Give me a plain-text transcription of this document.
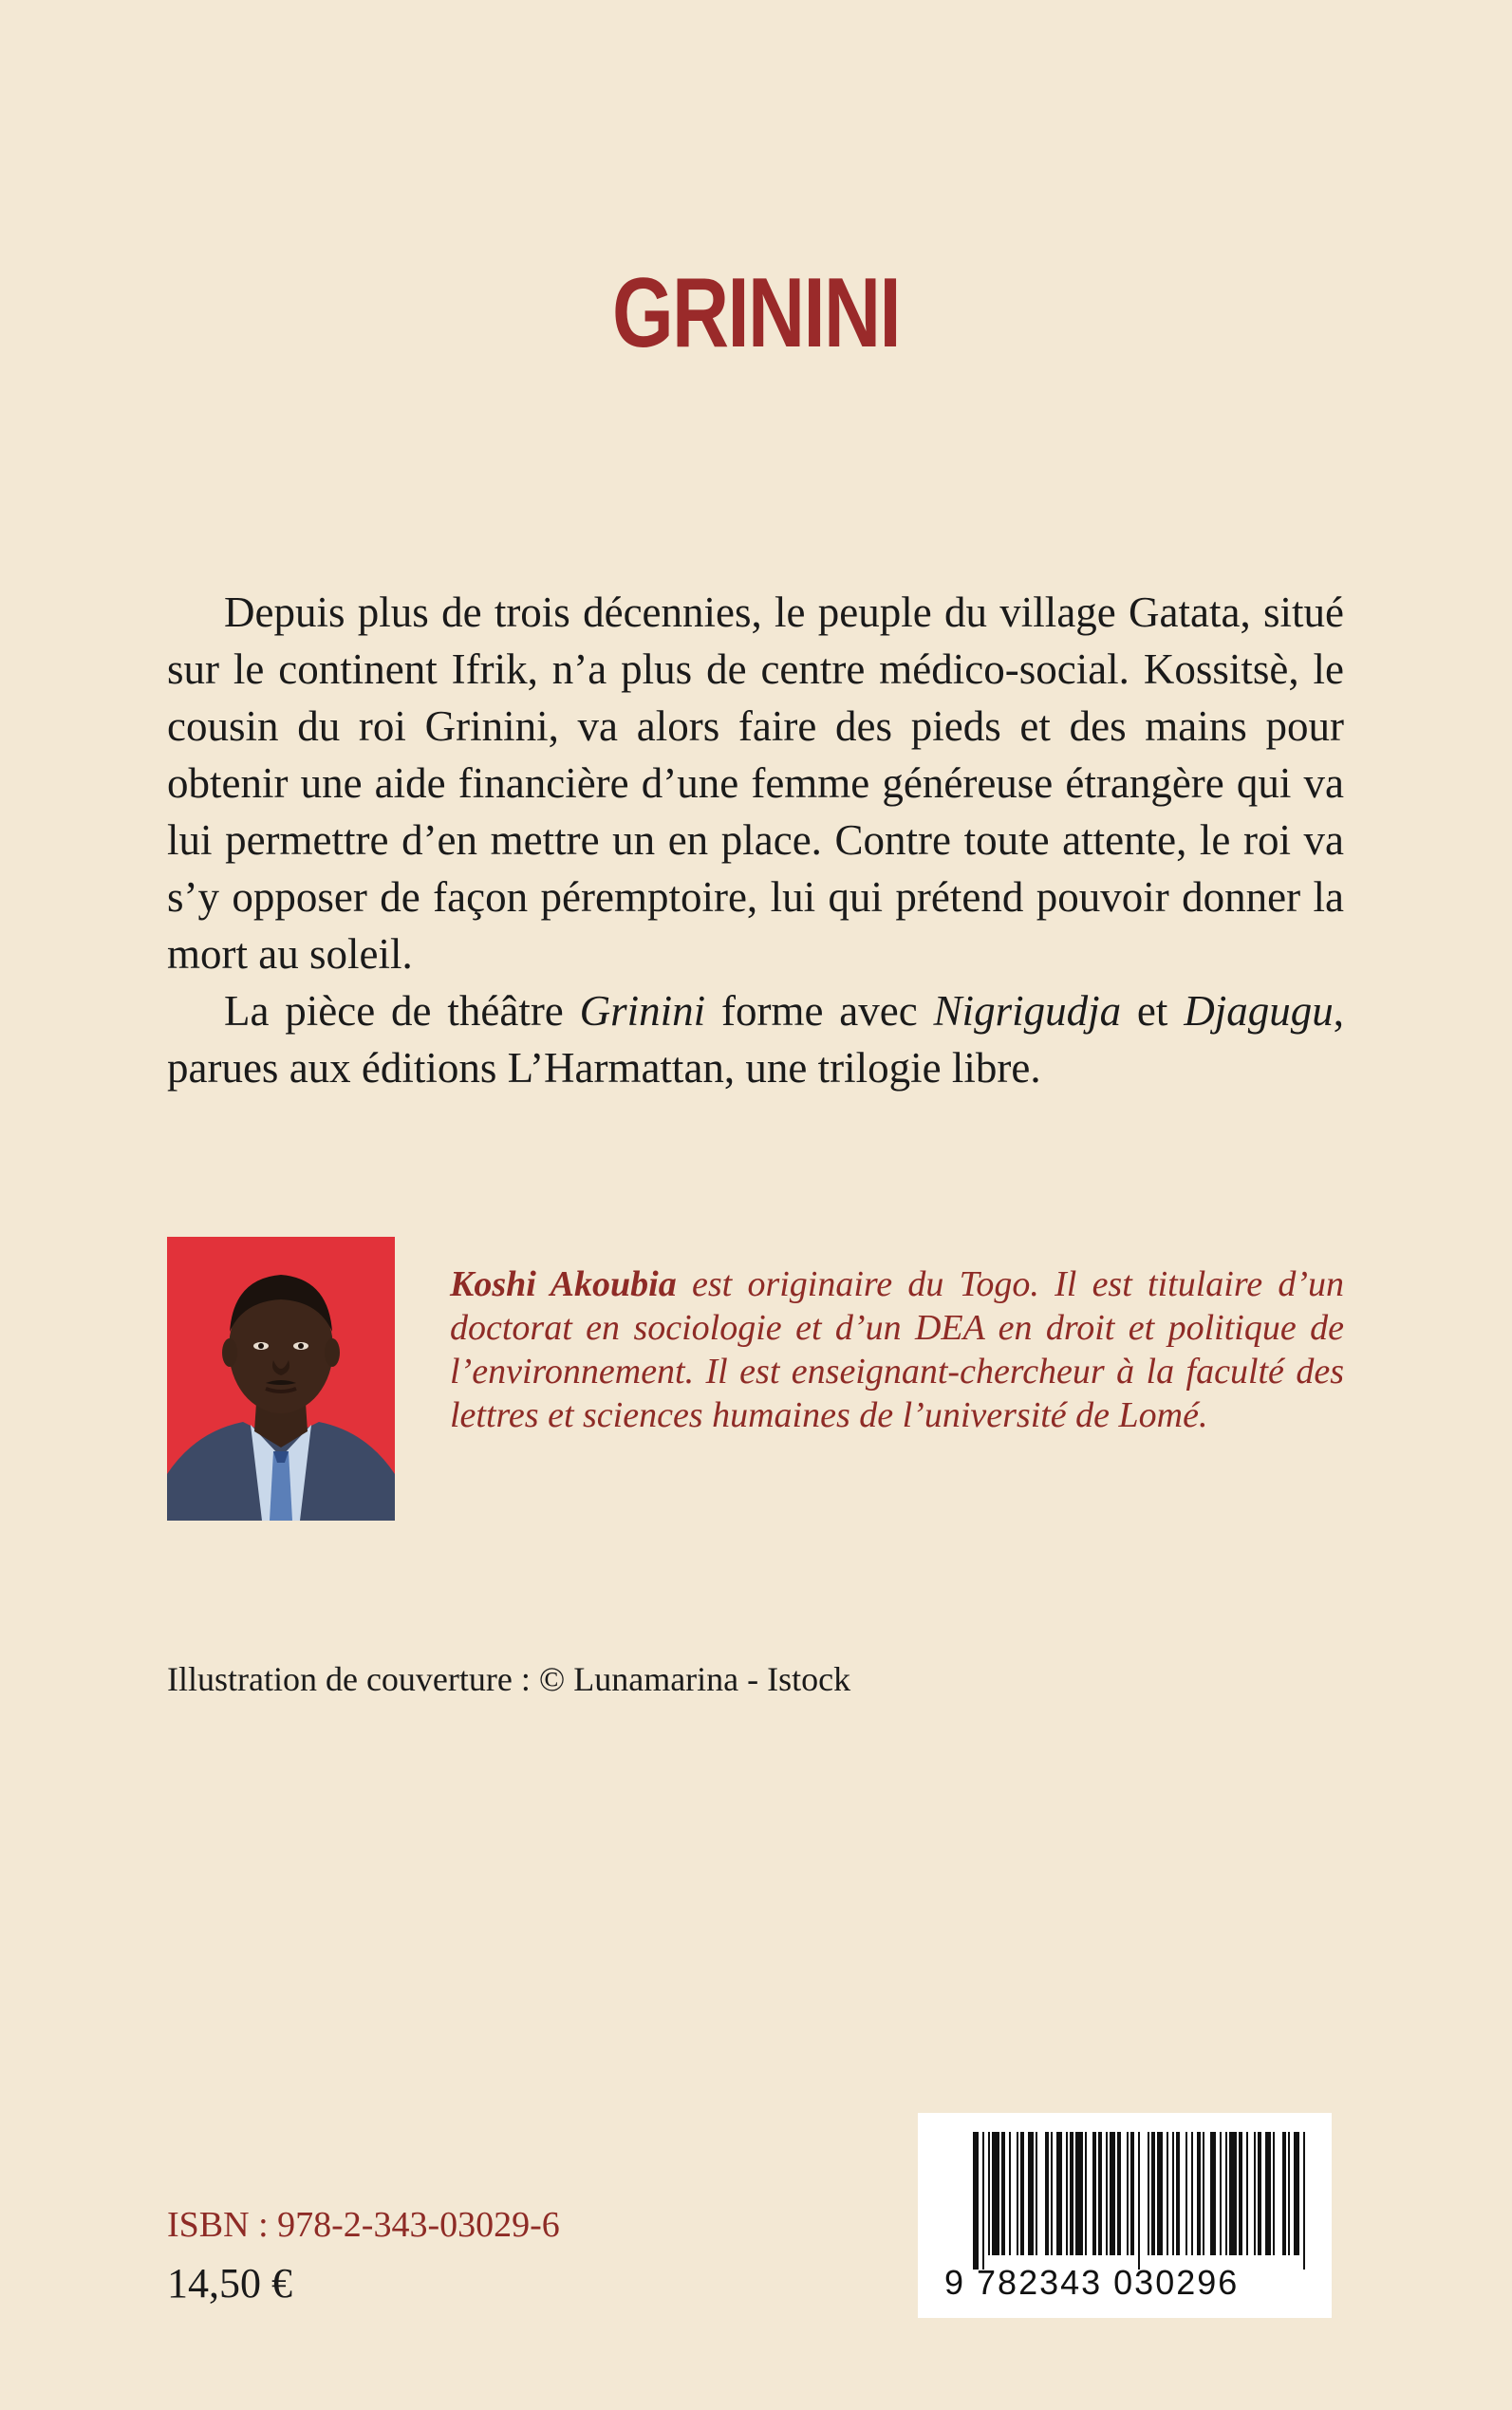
GRININI

Depuis plus de trois décennies, le peuple du village Gatata, situé sur le continent Ifrik, n’a plus de centre médico-social. Kossitsè, le cousin du roi Grinini, va alors faire des pieds et des mains pour obtenir une aide financière d’une femme généreuse étrangère qui va lui permettre d’en mettre un en place. Contre toute attente, le roi va s’y opposer de façon péremptoire, lui qui prétend pouvoir donner la mort au soleil.

La pièce de théâtre Grinini forme avec Nigrigudja et Djagugu, parues aux éditions L’Harmattan, une trilogie libre.

Koshi Akoubia est originaire du Togo. Il est titulaire d’un doctorat en sociologie et d’un DEA en droit et politique de l’environnement. Il est enseignant-chercheur à la faculté des lettres et sciences humaines de l’université de Lomé.
Illustration de couverture : © Lunamarina - Istock
ISBN : 978-2-343-03029-6
14,50 €	9 782343 030296
